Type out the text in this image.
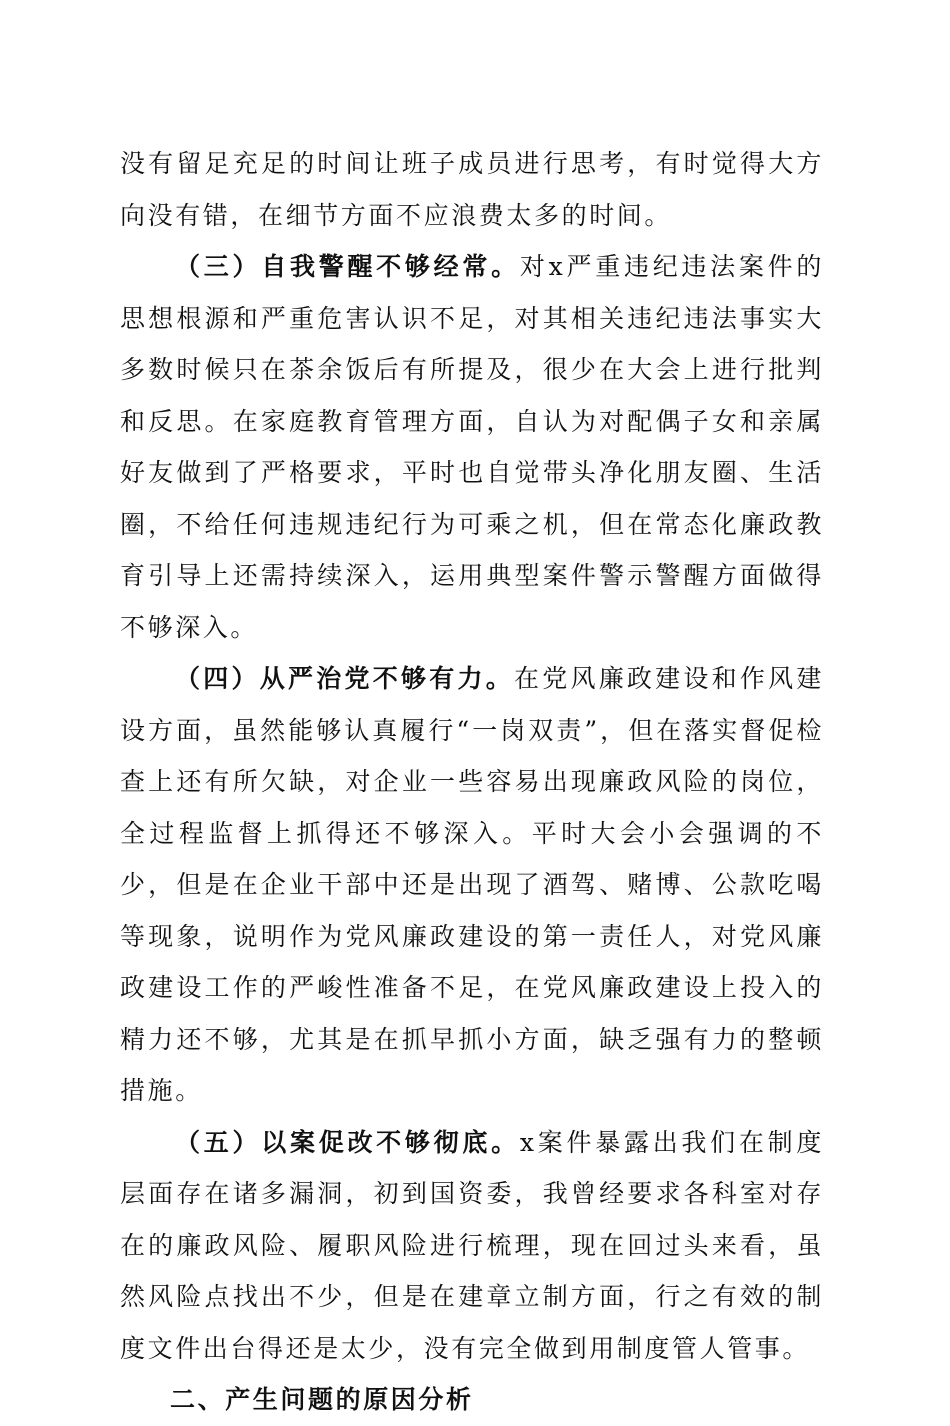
没有留足充足的时间让班子成员进行思考，有时觉得大方向没有错，在细节方面不应浪费太多的时间。

（三）自我警醒不够经常。对x严重违纪违法案件的思想根源和严重危害认识不足，对其相关违纪违法事实大多数时候只在茶余饭后有所提及，很少在大会上进行批判和反思。在家庭教育管理方面，自认为对配偶子女和亲属好友做到了严格要求，平时也自觉带头净化朋友圈、生活圈，不给任何违规违纪行为可乘之机，但在常态化廉政教育引导上还需持续深入，运用典型案件警示警醒方面做得不够深入。

（四）从严治党不够有力。在党风廉政建设和作风建设方面，虽然能够认真履行“一岗双责”，但在落实督促检查上还有所欠缺，对企业一些容易出现廉政风险的岗位，全过程监督上抓得还不够深入。平时大会小会强调的不少，但是在企业干部中还是出现了酒驾、赌博、公款吃喝等现象，说明作为党风廉政建设的第一责任人，对党风廉政建设工作的严峻性准备不足，在党风廉政建设上投入的精力还不够，尤其是在抓早抓小方面，缺乏强有力的整顿措施。

（五）以案促改不够彻底。x案件暴露出我们在制度层面存在诸多漏洞，初到国资委，我曾经要求各科室对存在的廉政风险、履职风险进行梳理，现在回过头来看，虽然风险点找出不少，但是在建章立制方面，行之有效的制度文件出台得还是太少，没有完全做到用制度管人管事。

二、产生问题的原因分析
